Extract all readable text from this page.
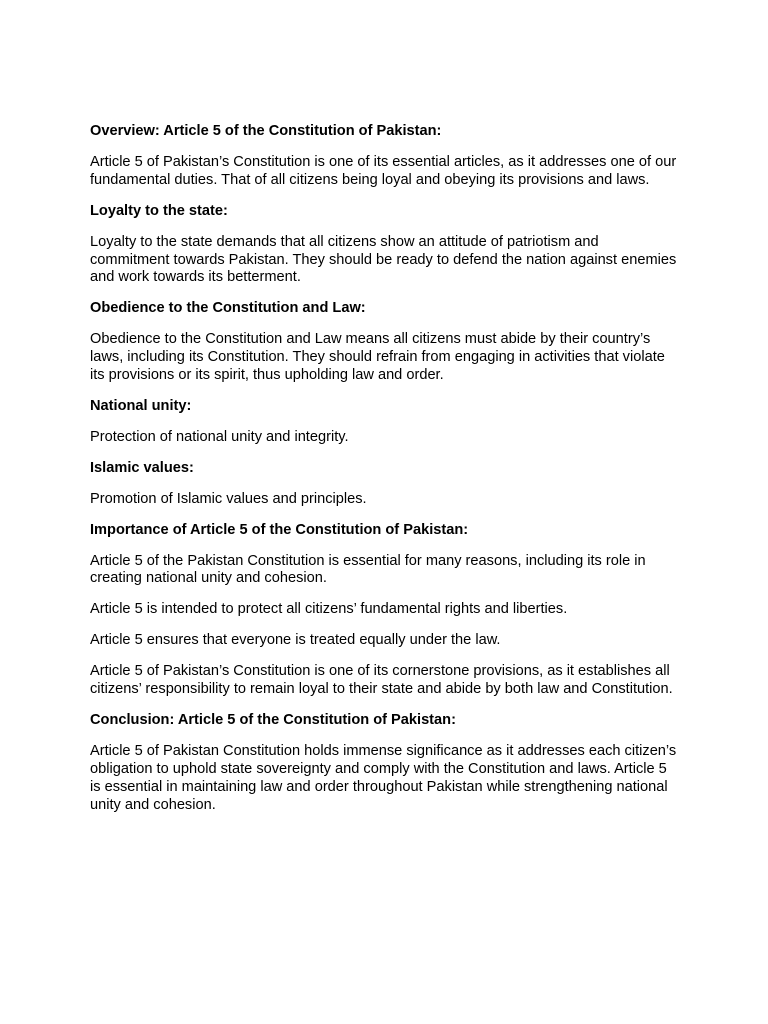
Overview: Article 5 of the Constitution of Pakistan:

Article 5 of Pakistan’s Constitution is one of its essential articles, as it addresses one of our fundamental duties. That of all citizens being loyal and obeying its provisions and laws.

Loyalty to the state:

Loyalty to the state demands that all citizens show an attitude of patriotism and commitment towards Pakistan. They should be ready to defend the nation against enemies and work towards its betterment.

Obedience to the Constitution and Law:

Obedience to the Constitution and Law means all citizens must abide by their country’s laws, including its Constitution. They should refrain from engaging in activities that violate its provisions or its spirit, thus upholding law and order.

National unity:

Protection of national unity and integrity.

Islamic values:

Promotion of Islamic values and principles.

Importance of Article 5 of the Constitution of Pakistan:

Article 5 of the Pakistan Constitution is essential for many reasons, including its role in creating national unity and cohesion.

Article 5 is intended to protect all citizens’ fundamental rights and liberties.

Article 5 ensures that everyone is treated equally under the law.

Article 5 of Pakistan’s Constitution is one of its cornerstone provisions, as it establishes all citizens’ responsibility to remain loyal to their state and abide by both law and Constitution.

Conclusion: Article 5 of the Constitution of Pakistan:

Article 5 of Pakistan Constitution holds immense significance as it addresses each citizen’s obligation to uphold state sovereignty and comply with the Constitution and laws. Article 5 is essential in maintaining law and order throughout Pakistan while strengthening national unity and cohesion.
